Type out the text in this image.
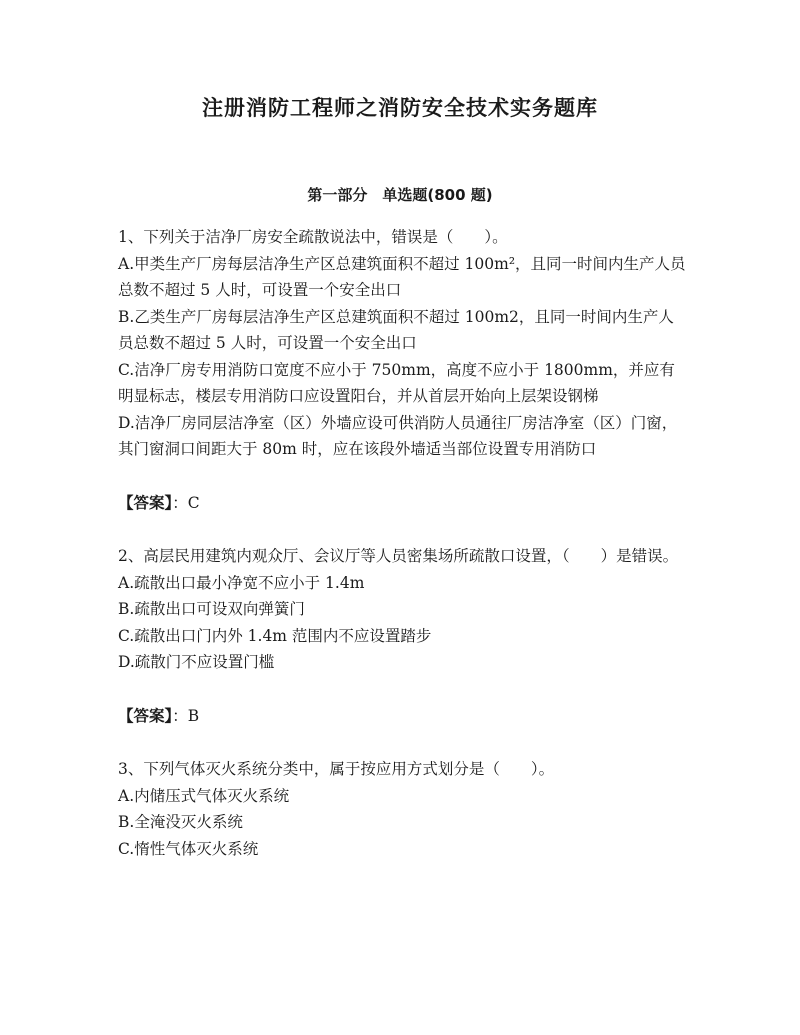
注册消防工程师之消防安全技术实务题库
第一部分　单选题(800 题)

1、下列关于洁净厂房安全疏散说法中，错误是（　　）。

A.甲类生产厂房每层洁净生产区总建筑面积不超过 100m²，且同一时间内生产人员总数不超过 5 人时，可设置一个安全出口

B.乙类生产厂房每层洁净生产区总建筑面积不超过 100m2，且同一时间内生产人员总数不超过 5 人时，可设置一个安全出口

C.洁净厂房专用消防口宽度不应小于 750mm，高度不应小于 1800mm，并应有明显标志，楼层专用消防口应设置阳台，并从首层开始向上层架设钢梯

D.洁净厂房同层洁净室（区）外墙应设可供消防人员通往厂房洁净室（区）门窗，其门窗洞口间距大于 80m 时，应在该段外墙适当部位设置专用消防口

【答案】：C

2、高层民用建筑内观众厅、会议厅等人员密集场所疏散口设置，（　　）是错误。

A.疏散出口最小净宽不应小于 1.4m

B.疏散出口可设双向弹簧门

C.疏散出口门内外 1.4m 范围内不应设置踏步

D.疏散门不应设置门槛

【答案】：B

3、下列气体灭火系统分类中，属于按应用方式划分是（　　）。

A.内储压式气体灭火系统

B.全淹没灭火系统

C.惰性气体灭火系统
